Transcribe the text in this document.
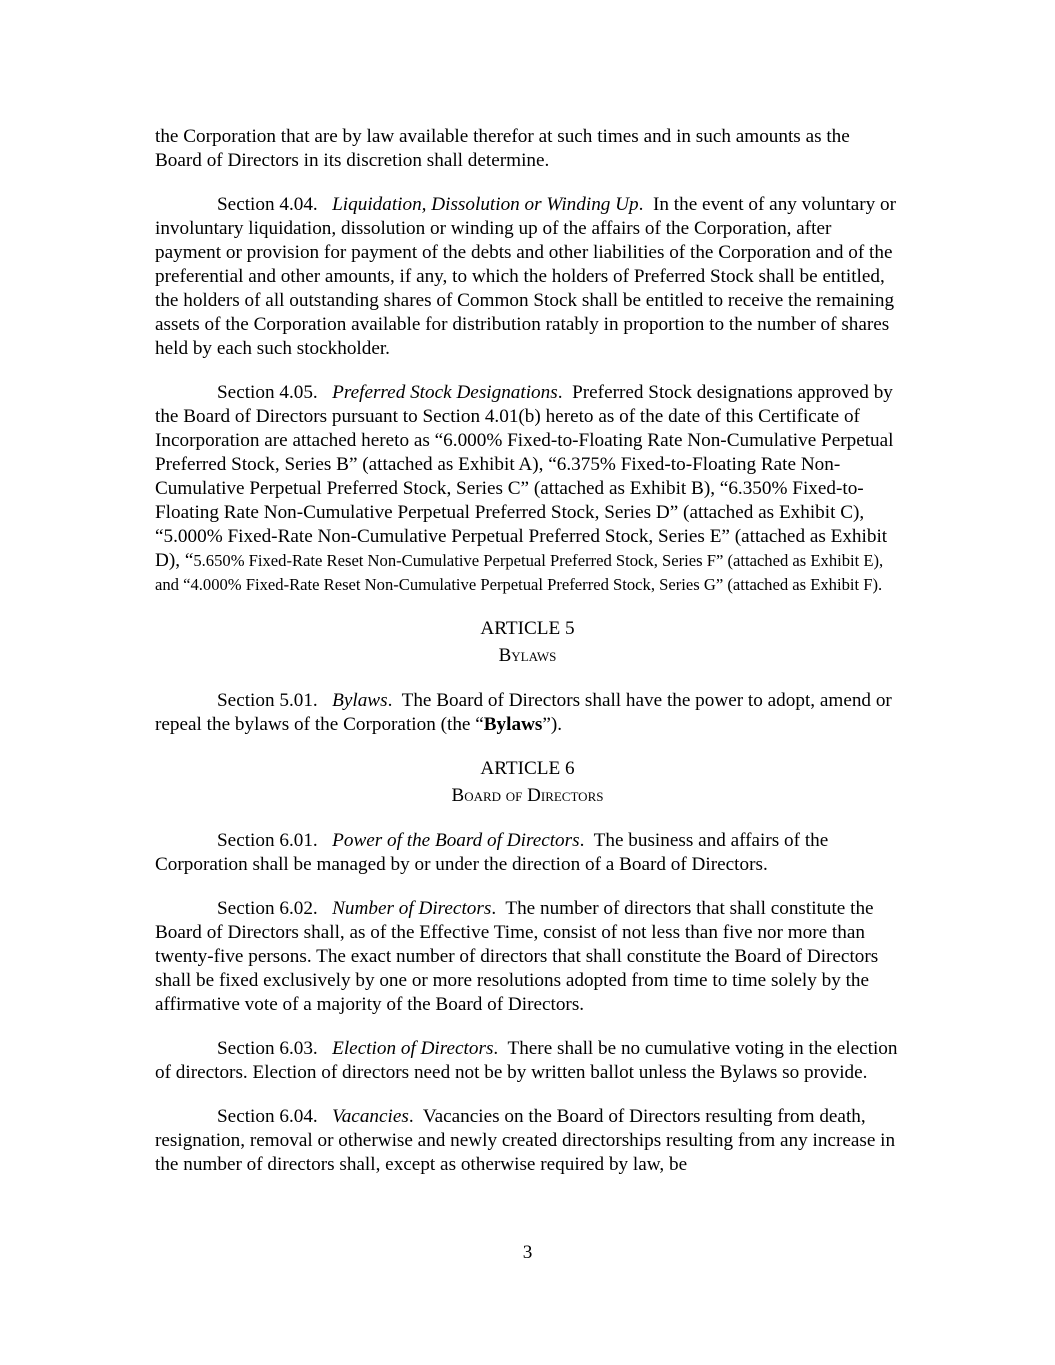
the Corporation that are by law available therefor at such times and in such amounts as the Board of Directors in its discretion shall determine.

Section 4.04. Liquidation, Dissolution or Winding Up.  In the event of any voluntary or involuntary liquidation, dissolution or winding up of the affairs of the Corporation, after payment or provision for payment of the debts and other liabilities of the Corporation and of the preferential and other amounts, if any, to which the holders of Preferred Stock shall be entitled, the holders of all outstanding shares of Common Stock shall be entitled to receive the remaining assets of the Corporation available for distribution ratably in proportion to the number of shares held by each such stockholder.

Section 4.05. Preferred Stock Designations.  Preferred Stock designations approved by the Board of Directors pursuant to Section 4.01(b) hereto as of the date of this Certificate of Incorporation are attached hereto as “6.000% Fixed-to-Floating Rate Non-Cumulative Perpetual Preferred Stock, Series B” (attached as Exhibit A), “6.375% Fixed-to-Floating Rate Non-Cumulative Perpetual Preferred Stock, Series C” (attached as Exhibit B), “6.350% Fixed-to-Floating Rate Non-Cumulative Perpetual Preferred Stock, Series D” (attached as Exhibit C), “5.000% Fixed-Rate Non-Cumulative Perpetual Preferred Stock, Series E” (attached as Exhibit D), “5.650% Fixed-Rate Reset Non-Cumulative Perpetual Preferred Stock, Series F” (attached as Exhibit E), and “4.000% Fixed-Rate Reset Non-Cumulative Perpetual Preferred Stock, Series G” (attached as Exhibit F).

ARTICLE 5
Bylaws

Section 5.01. Bylaws.  The Board of Directors shall have the power to adopt, amend or repeal the bylaws of the Corporation (the “Bylaws”).

ARTICLE 6
Board of Directors

Section 6.01. Power of the Board of Directors.  The business and affairs of the Corporation shall be managed by or under the direction of a Board of Directors.

Section 6.02. Number of Directors.  The number of directors that shall constitute the Board of Directors shall, as of the Effective Time, consist of not less than five nor more than twenty-five persons. The exact number of directors that shall constitute the Board of Directors shall be fixed exclusively by one or more resolutions adopted from time to time solely by the affirmative vote of a majority of the Board of Directors.

Section 6.03. Election of Directors.  There shall be no cumulative voting in the election of directors. Election of directors need not be by written ballot unless the Bylaws so provide.

Section 6.04. Vacancies.  Vacancies on the Board of Directors resulting from death, resignation, removal or otherwise and newly created directorships resulting from any increase in the number of directors shall, except as otherwise required by law, be

3
